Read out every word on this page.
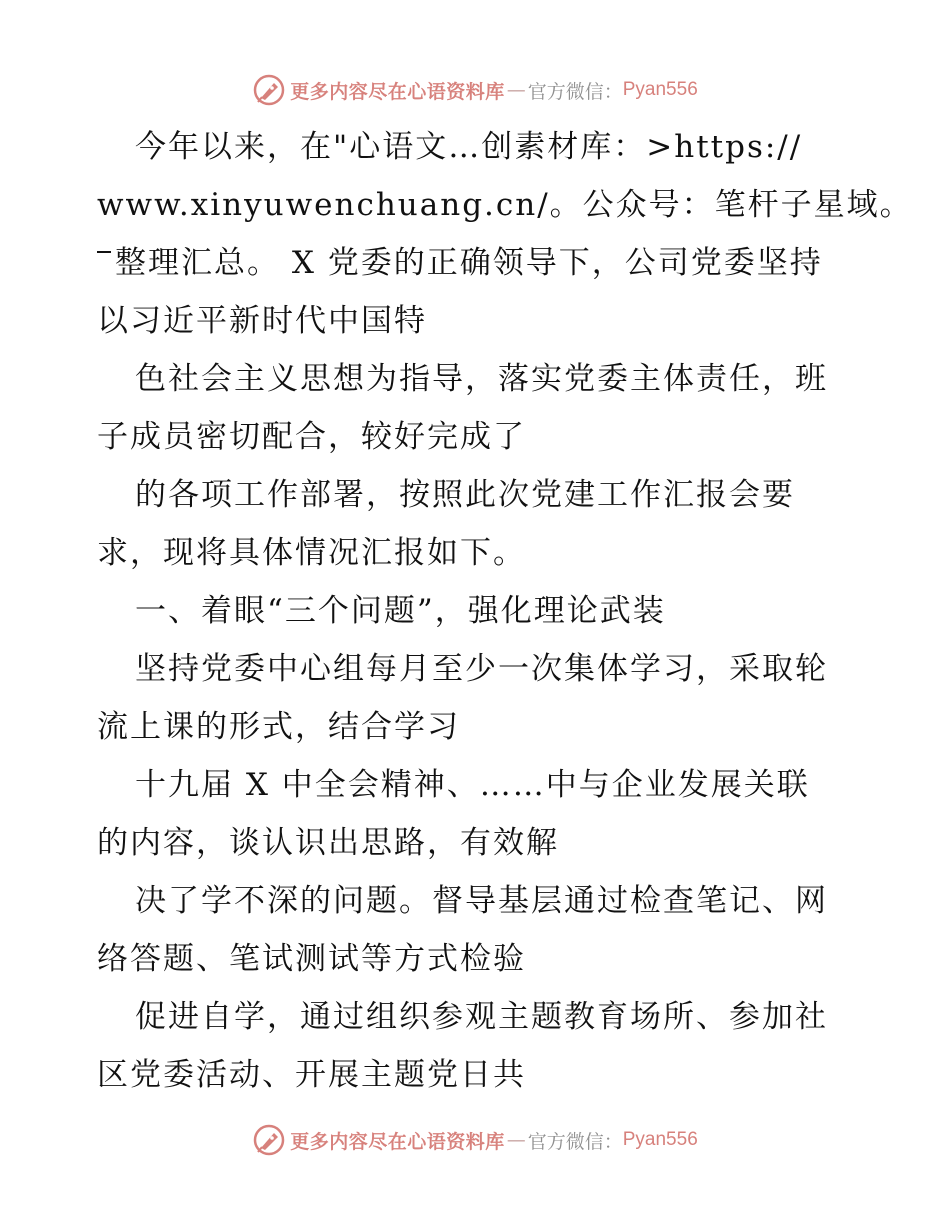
更多内容尽在心语资料库 — 官方微信： Pyan556
今年以来，在"心语文…创素材库：>https://
www.xinyuwenchuang.cn/。公众号：笔杆子星域。
整理汇总。 X 党委的正确领导下，公司党委坚持
以习近平新时代中国特
色社会主义思想为指导，落实党委主体责任，班
子成员密切配合，较好完成了
的各项工作部署，按照此次党建工作汇报会要
求，现将具体情况汇报如下。
一、着眼“三个问题”，强化理论武装
坚持党委中心组每月至少一次集体学习，采取轮
流上课的形式，结合学习
十九届 X 中全会精神、……中与企业发展关联
的内容，谈认识出思路，有效解
决了学不深的问题。督导基层通过检查笔记、网
络答题、笔试测试等方式检验
促进自学，通过组织参观主题教育场所、参加社
区党委活动、开展主题党日共
更多内容尽在心语资料库 — 官方微信： Pyan556
